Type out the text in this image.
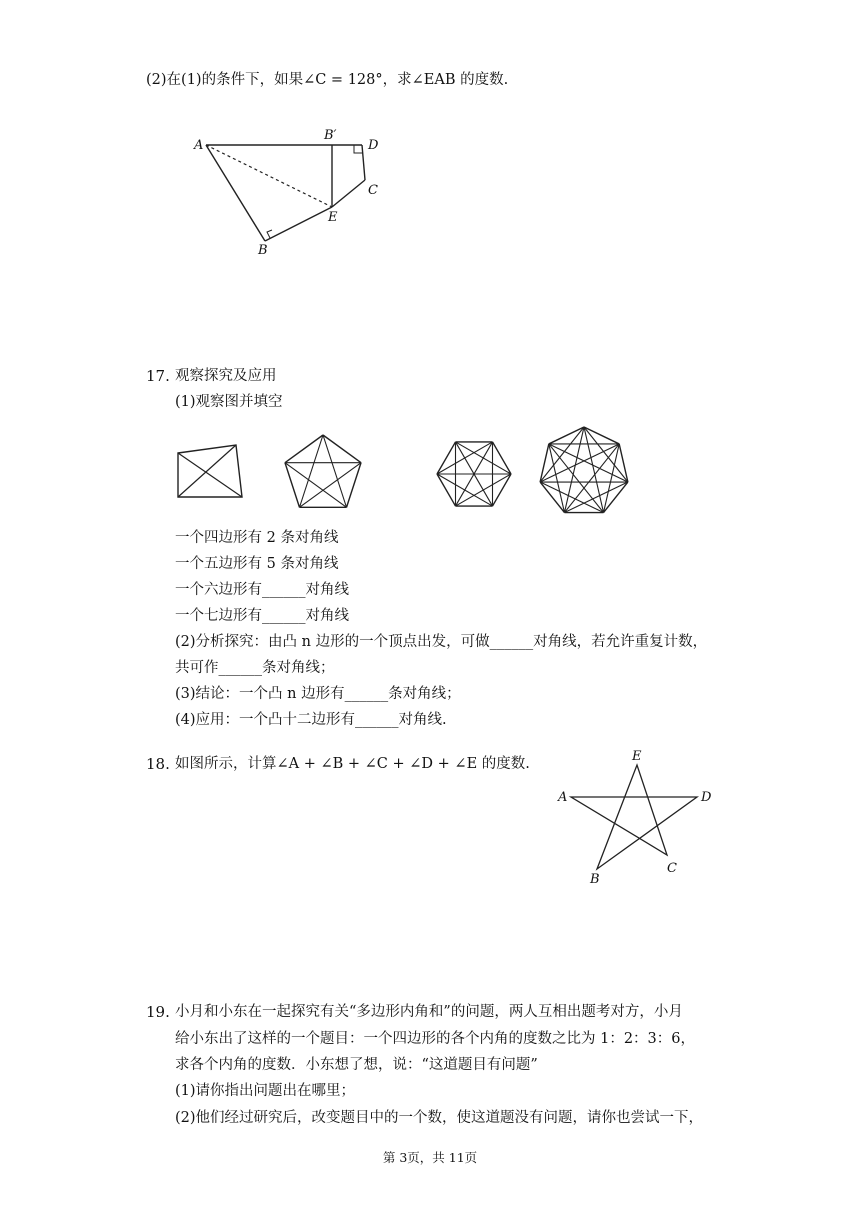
(2)在(1)的条件下，如果∠C = 128°，求∠EAB 的度数.
A
B′
D
C
E
B
17. 观察探究及应用
(1)观察图并填空
一个四边形有 2 条对角线
一个五边形有 5 条对角线
一个六边形有______对角线
一个七边形有______对角线
(2)分析探究：由凸 n 边形的一个顶点出发，可做______对角线，若允许重复计数，
共可作______条对角线；
(3)结论：一个凸 n 边形有______条对角线；
(4)应用：一个凸十二边形有______对角线.
18. 如图所示，计算∠A + ∠B + ∠C + ∠D + ∠E 的度数.	E
A	D
B
C
19. 小月和小东在一起探究有关“多边形内角和”的问题，两人互相出题考对方，小月
给小东出了这样的一个题目：一个四边形的各个内角的度数之比为 1：2：3：6，
求各个内角的度数．小东想了想，说：“这道题目有问题”
(1)请你指出问题出在哪里；
(2)他们经过研究后，改变题目中的一个数，使这道题没有问题，请你也尝试一下，
第 3页，共 11页
